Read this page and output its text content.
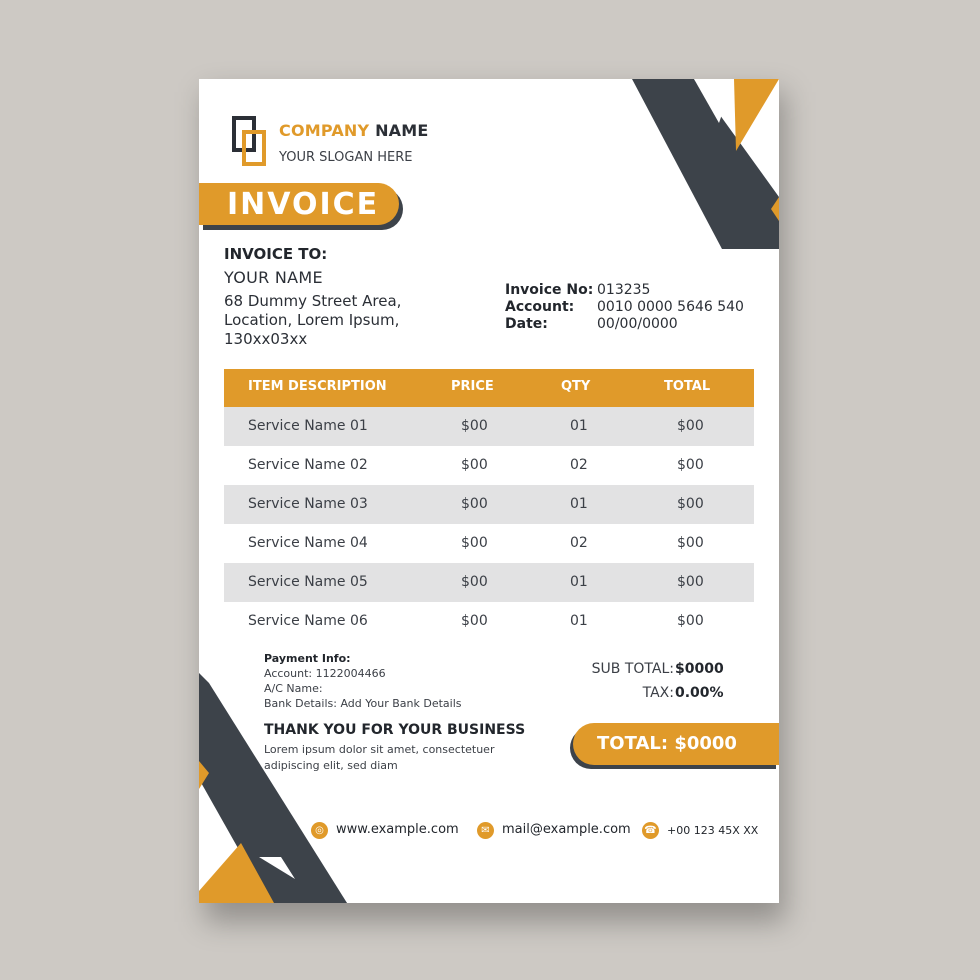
COMPANY NAME
YOUR SLOGAN HERE
INVOICE
INVOICE TO:
YOUR NAME
68 Dummy Street Area, Location, Lorem Ipsum, 130xx03xx
Invoice No: 013235
Account: 0010 0000 5646 540
Date:	00/00/0000
ITEM DESCRIPTION	PRICE	QTY	TOTAL
Service Name 01	$00	01	$00
Service Name 02	$00	02	$00
Service Name 03	$00	01	$00
Service Name 04	$00	02	$00
Service Name 05	$00	01	$00
Service Name 06	$00	01	$00
Payment Info:
Account: 1122004466
A/C Name:
Bank Details: Add Your Bank Details
SUB TOTAL: $0000
TAX: 0.00%
THANK YOU FOR YOUR BUSINESS
Lorem ipsum dolor sit amet, consectetuer adipiscing elit, sed diam
TOTAL: $0000
◎ www.example.com	✉ mail@example.com ☎ +00 123 45X XX
